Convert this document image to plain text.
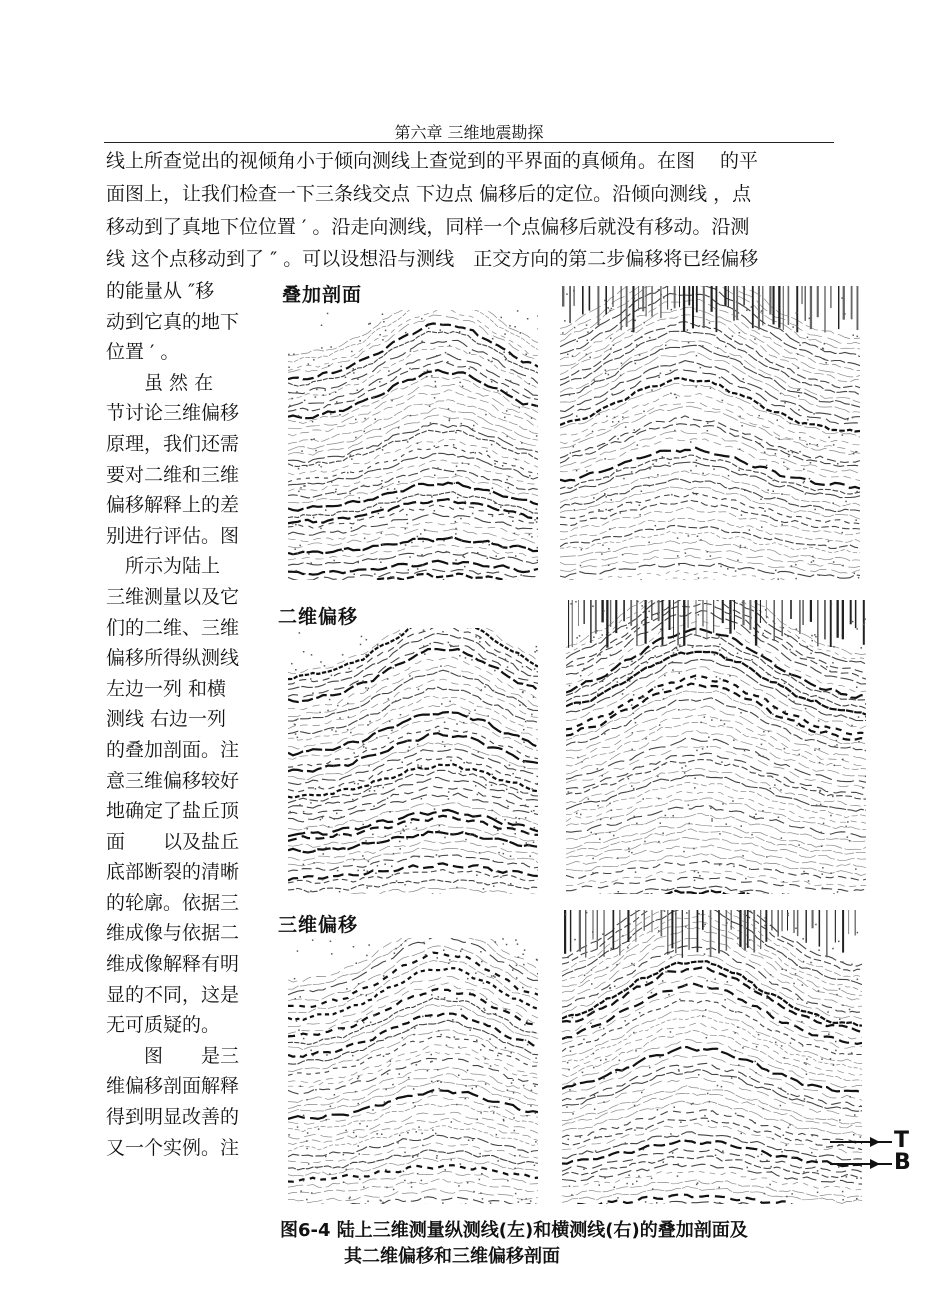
第六章 三维地震勘探
线上所查觉出的视倾角小于倾向测线上查觉到的平界面的真倾角。在图 　的平
面图上，让我们检查一下三条线交点 下边点 偏移后的定位。沿倾向测线 ，点
移动到了真地下位位置 ′ 。沿走向测线，同样一个点偏移后就没有移动。沿测
线 这个点移动到了 ″ 。可以设想沿与测线　正交方向的第二步偏移将已经偏移
的能量从 ″移
动到它真的地下
位置 ′ 。
　　虽 然 在
节讨论三维偏移
原理，我们还需
要对二维和三维
偏移解释上的差
别进行评估。图
　所示为陆上
三维测量以及它
们的二维、三维
偏移所得纵测线
左边一列 和横
测线 右边一列
的叠加剖面。注
意三维偏移较好
地确定了盐丘顶
面　　以及盐丘
底部断裂的清晰
的轮廓。依据三
维成像与依据二
维成像解释有明
显的不同，这是
无可质疑的。
　　图　　是三
维偏移剖面解释
得到明显改善的
又一个实例。注
叠加剖面
二维偏移
三维偏移
T
B
图6-4 陆上三维测量纵测线(左)和横测线(右)的叠加剖面及
其二维偏移和三维偏移剖面
